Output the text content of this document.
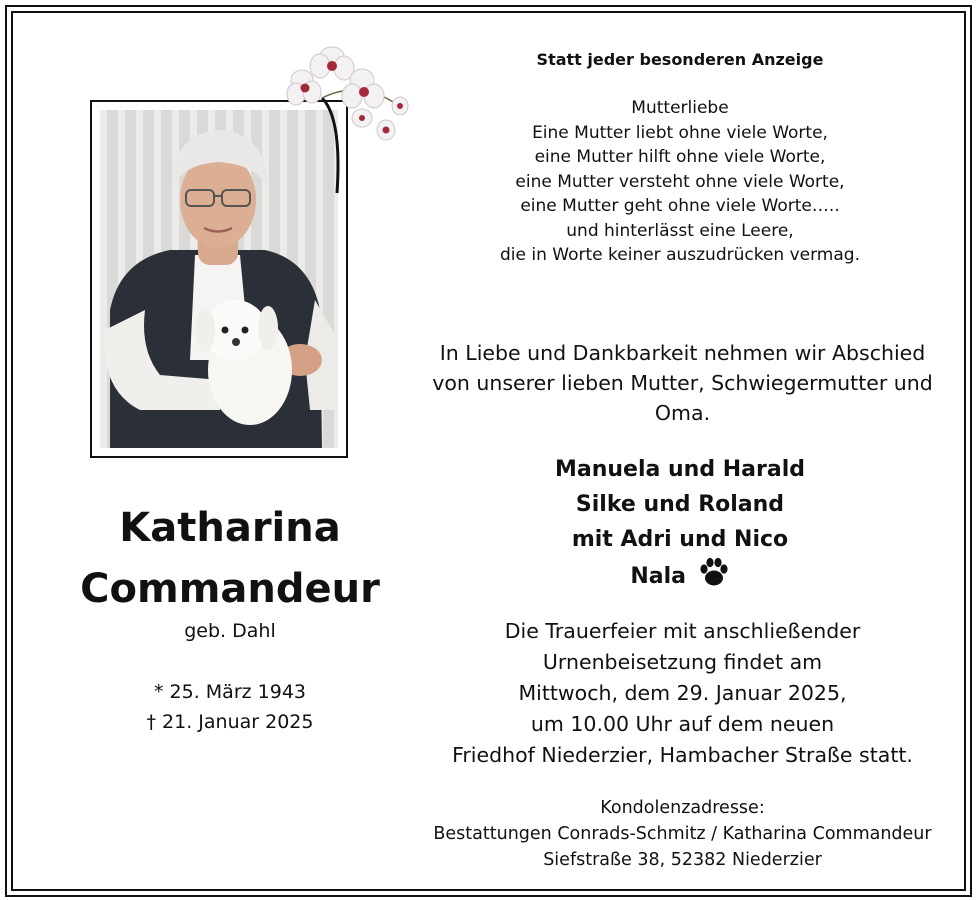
Statt jeder besonderen Anzeige
Mutterliebe
Eine Mutter liebt ohne viele Worte,
eine Mutter hilft ohne viele Worte,
eine Mutter versteht ohne viele Worte,
eine Mutter geht ohne viele Worte…..
und hinterlässt eine Leere,
die in Worte keiner auszudrücken vermag.
In Liebe und Dankbarkeit nehmen wir Abschied
von unserer lieben Mutter, Schwiegermutter und
Oma.
Manuela und Harald
Silke und Roland
mit Adri und Nico
Nala
Die Trauerfeier mit anschließender
Urnenbeisetzung findet am
Mittwoch, dem 29. Januar 2025,
um 10.00 Uhr auf dem neuen
Friedhof Niederzier, Hambacher Straße statt.
Kondolenzadresse:
Bestattungen Conrads-Schmitz / Katharina Commandeur
Siefstraße 38, 52382 Niederzier
Katharina
Commandeur
geb. Dahl
* 25. März 1943
† 21. Januar 2025
